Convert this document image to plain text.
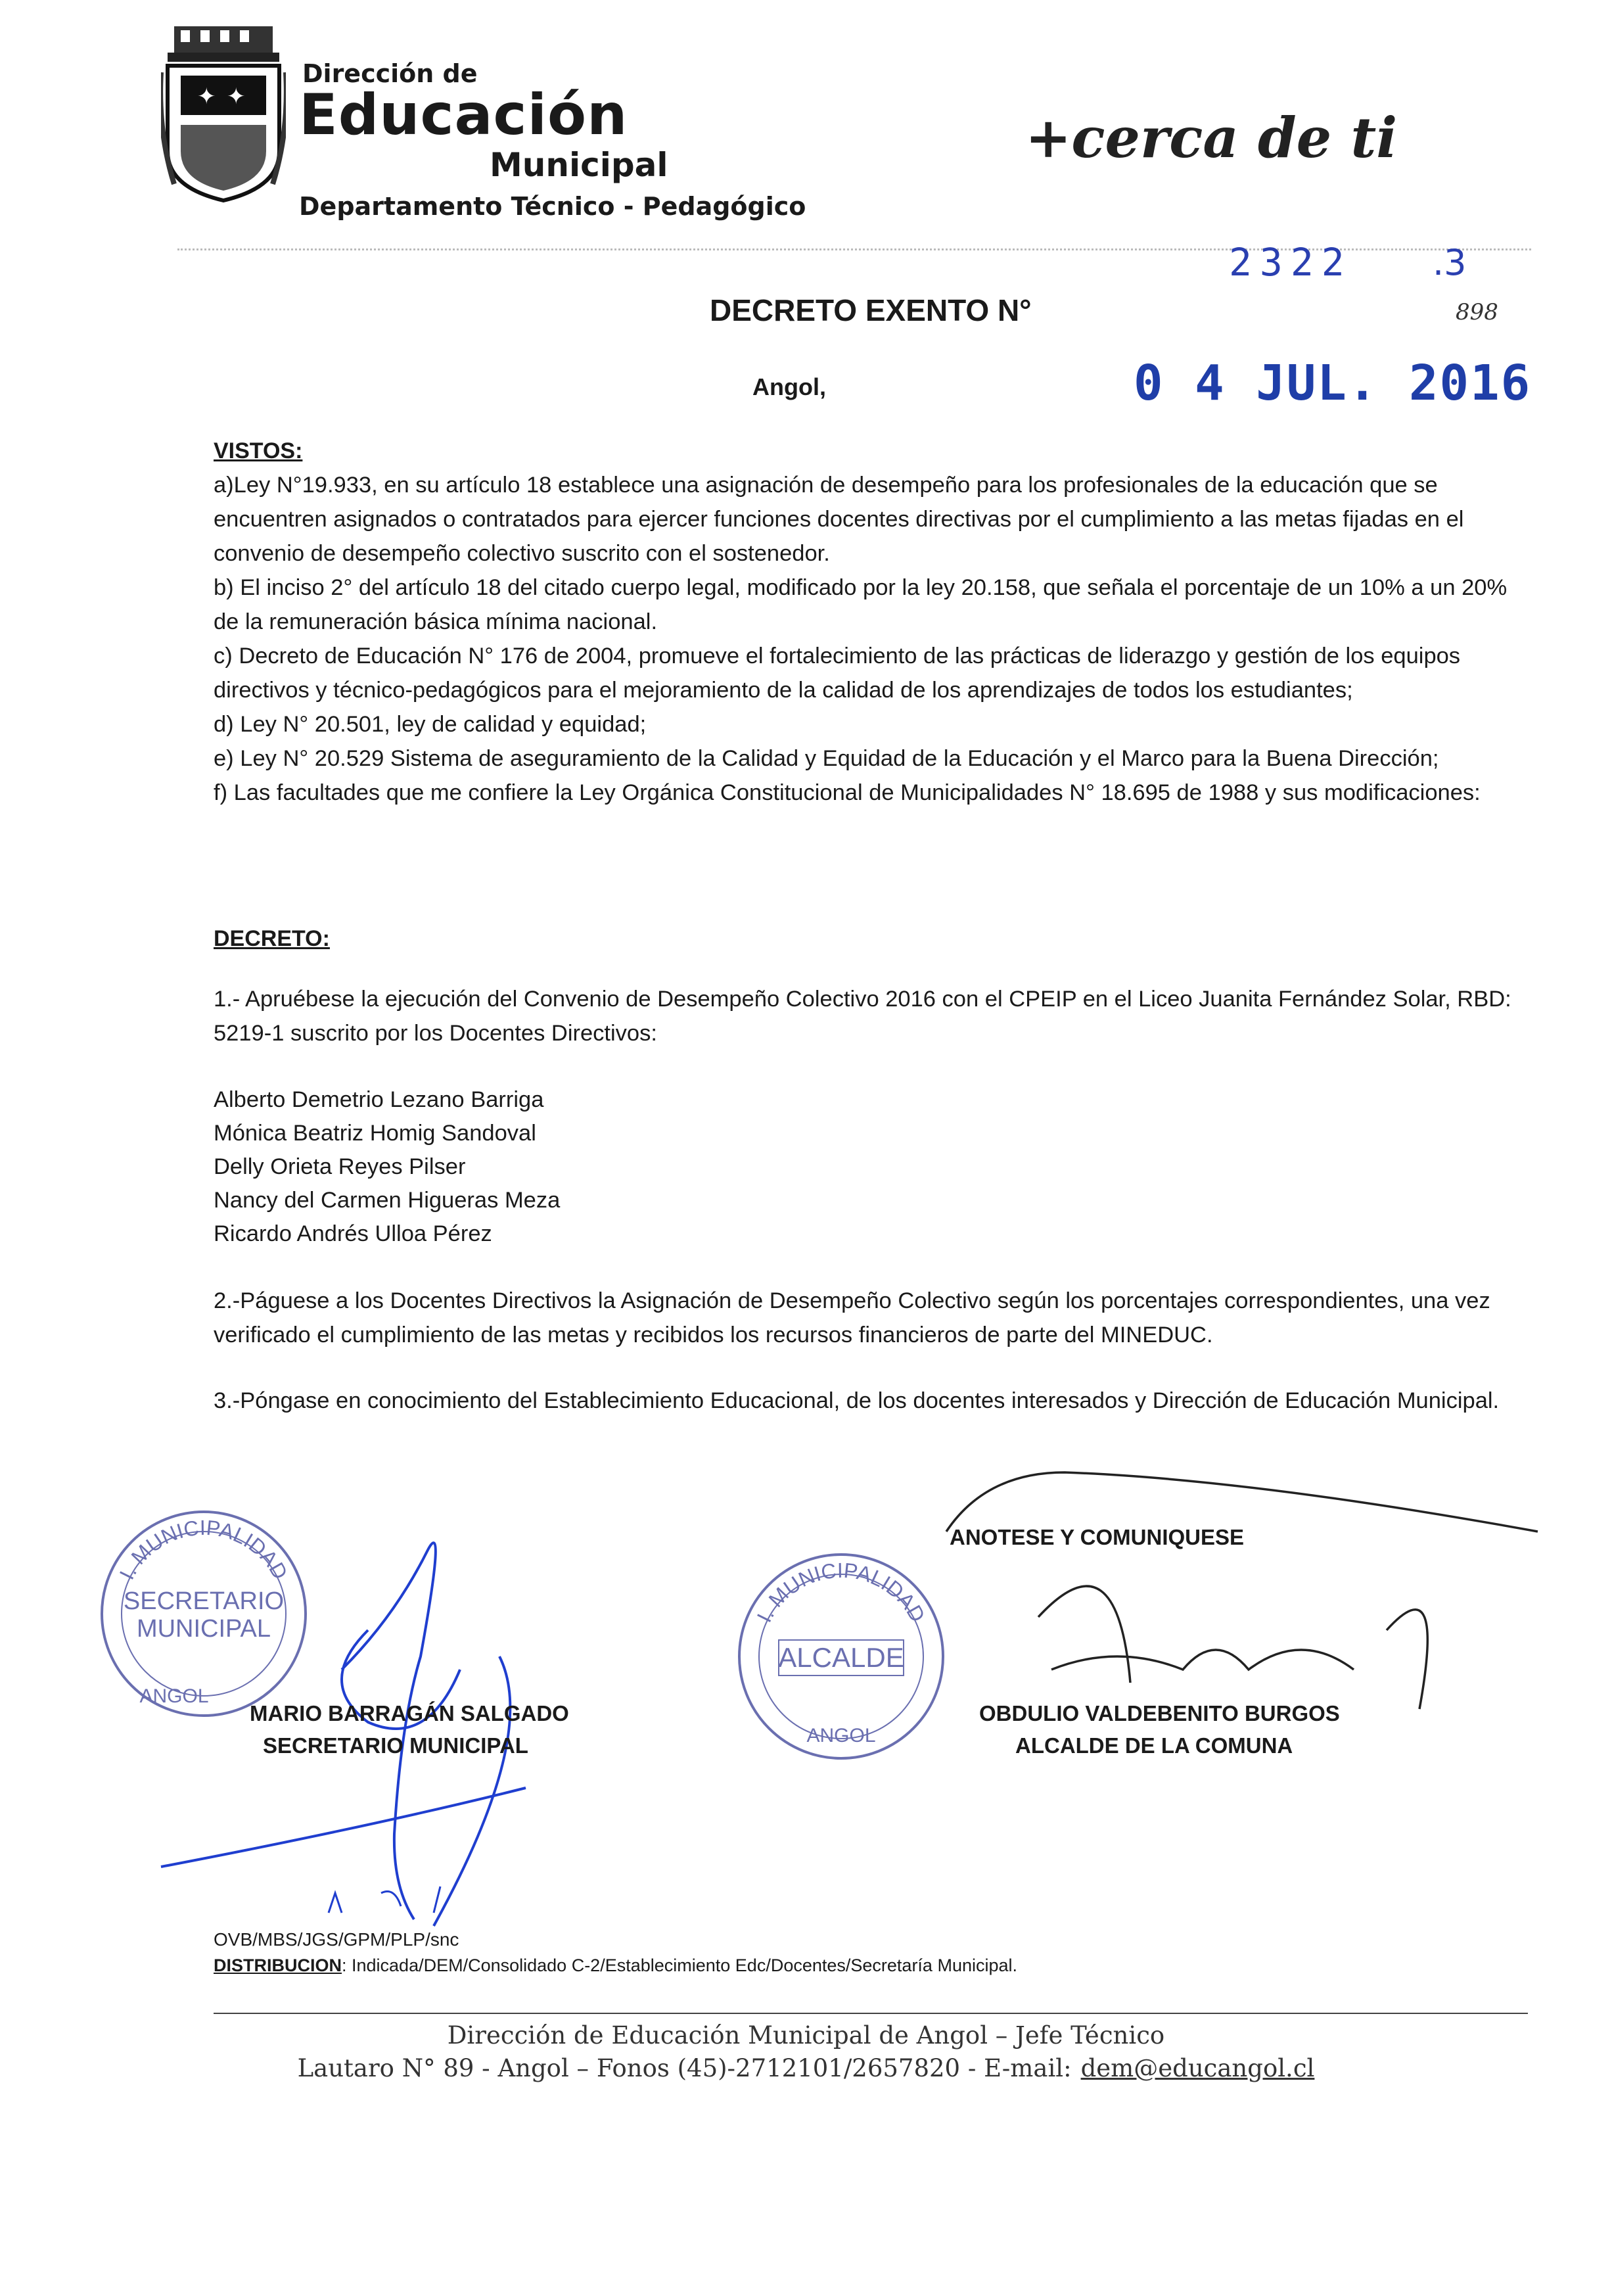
✦ ✦
Dirección de
Educación
Municipal
Departamento Técnico - Pedagógico
+cerca de ti
2322 .3
DECRETO EXENTO N°	898
Angol,	0 4 JUL. 2016

VISTOS:

a)Ley N°19.933, en su artículo 18 establece una asignación de desempeño para los profesionales de la educación que se encuentren asignados o contratados para ejercer funciones docentes directivas por el cumplimiento a las metas fijadas en el convenio de desempeño colectivo suscrito con el sostenedor.

b) El inciso 2° del artículo 18 del citado cuerpo legal, modificado por la ley 20.158, que señala el porcentaje de un 10% a un 20% de la remuneración básica mínima nacional.

c) Decreto de Educación N° 176 de 2004, promueve el fortalecimiento de las prácticas de liderazgo y gestión de los equipos directivos y técnico-pedagógicos para el mejoramiento de la calidad de los aprendizajes de todos los estudiantes;

d) Ley N° 20.501, ley de calidad y equidad;

e) Ley N° 20.529 Sistema de aseguramiento de la Calidad y Equidad de la Educación y el Marco para la Buena Dirección;

f) Las facultades que me confiere la Ley Orgánica Constitucional de Municipalidades N° 18.695 de 1988 y sus modificaciones:

DECRETO:

1.- Apruébese la ejecución del Convenio de Desempeño Colectivo 2016 con el CPEIP en el Liceo Juanita Fernández Solar, RBD: 5219-1 suscrito por los Docentes Directivos:

Alberto Demetrio Lezano Barriga
Mónica Beatriz Homig Sandoval
Delly Orieta Reyes Pilser
Nancy del Carmen Higueras Meza
Ricardo Andrés Ulloa Pérez

2.-Páguese a los Docentes Directivos la Asignación de Desempeño Colectivo según los porcentajes correspondientes, una vez verificado el cumplimiento de las metas y recibidos los recursos financieros de parte del MINEDUC.

3.-Póngase en conocimiento del Establecimiento Educacional, de los docentes interesados y Dirección de Educación Municipal.

ANOTESE Y COMUNIQUESE
I. MUNICIPALIDAD
SECRETARIO
MUNICIPAL
ANGOL
I. MUNICIPALIDAD
ALCALDE
ANGOL
MARIO BARRAGÁN SALGADO
SECRETARIO MUNICIPAL
OBDULIO VALDEBENITO BURGOS
ALCALDE DE LA COMUNA
OVB/MBS/JGS/GPM/PLP/snc
DISTRIBUCION: Indicada/DEM/Consolidado C-2/Establecimiento Edc/Docentes/Secretaría Municipal.
Dirección de Educación Municipal de Angol – Jefe Técnico
Lautaro N° 89 - Angol – Fonos (45)-2712101/2657820 - E-mail: dem@educangol.cl
